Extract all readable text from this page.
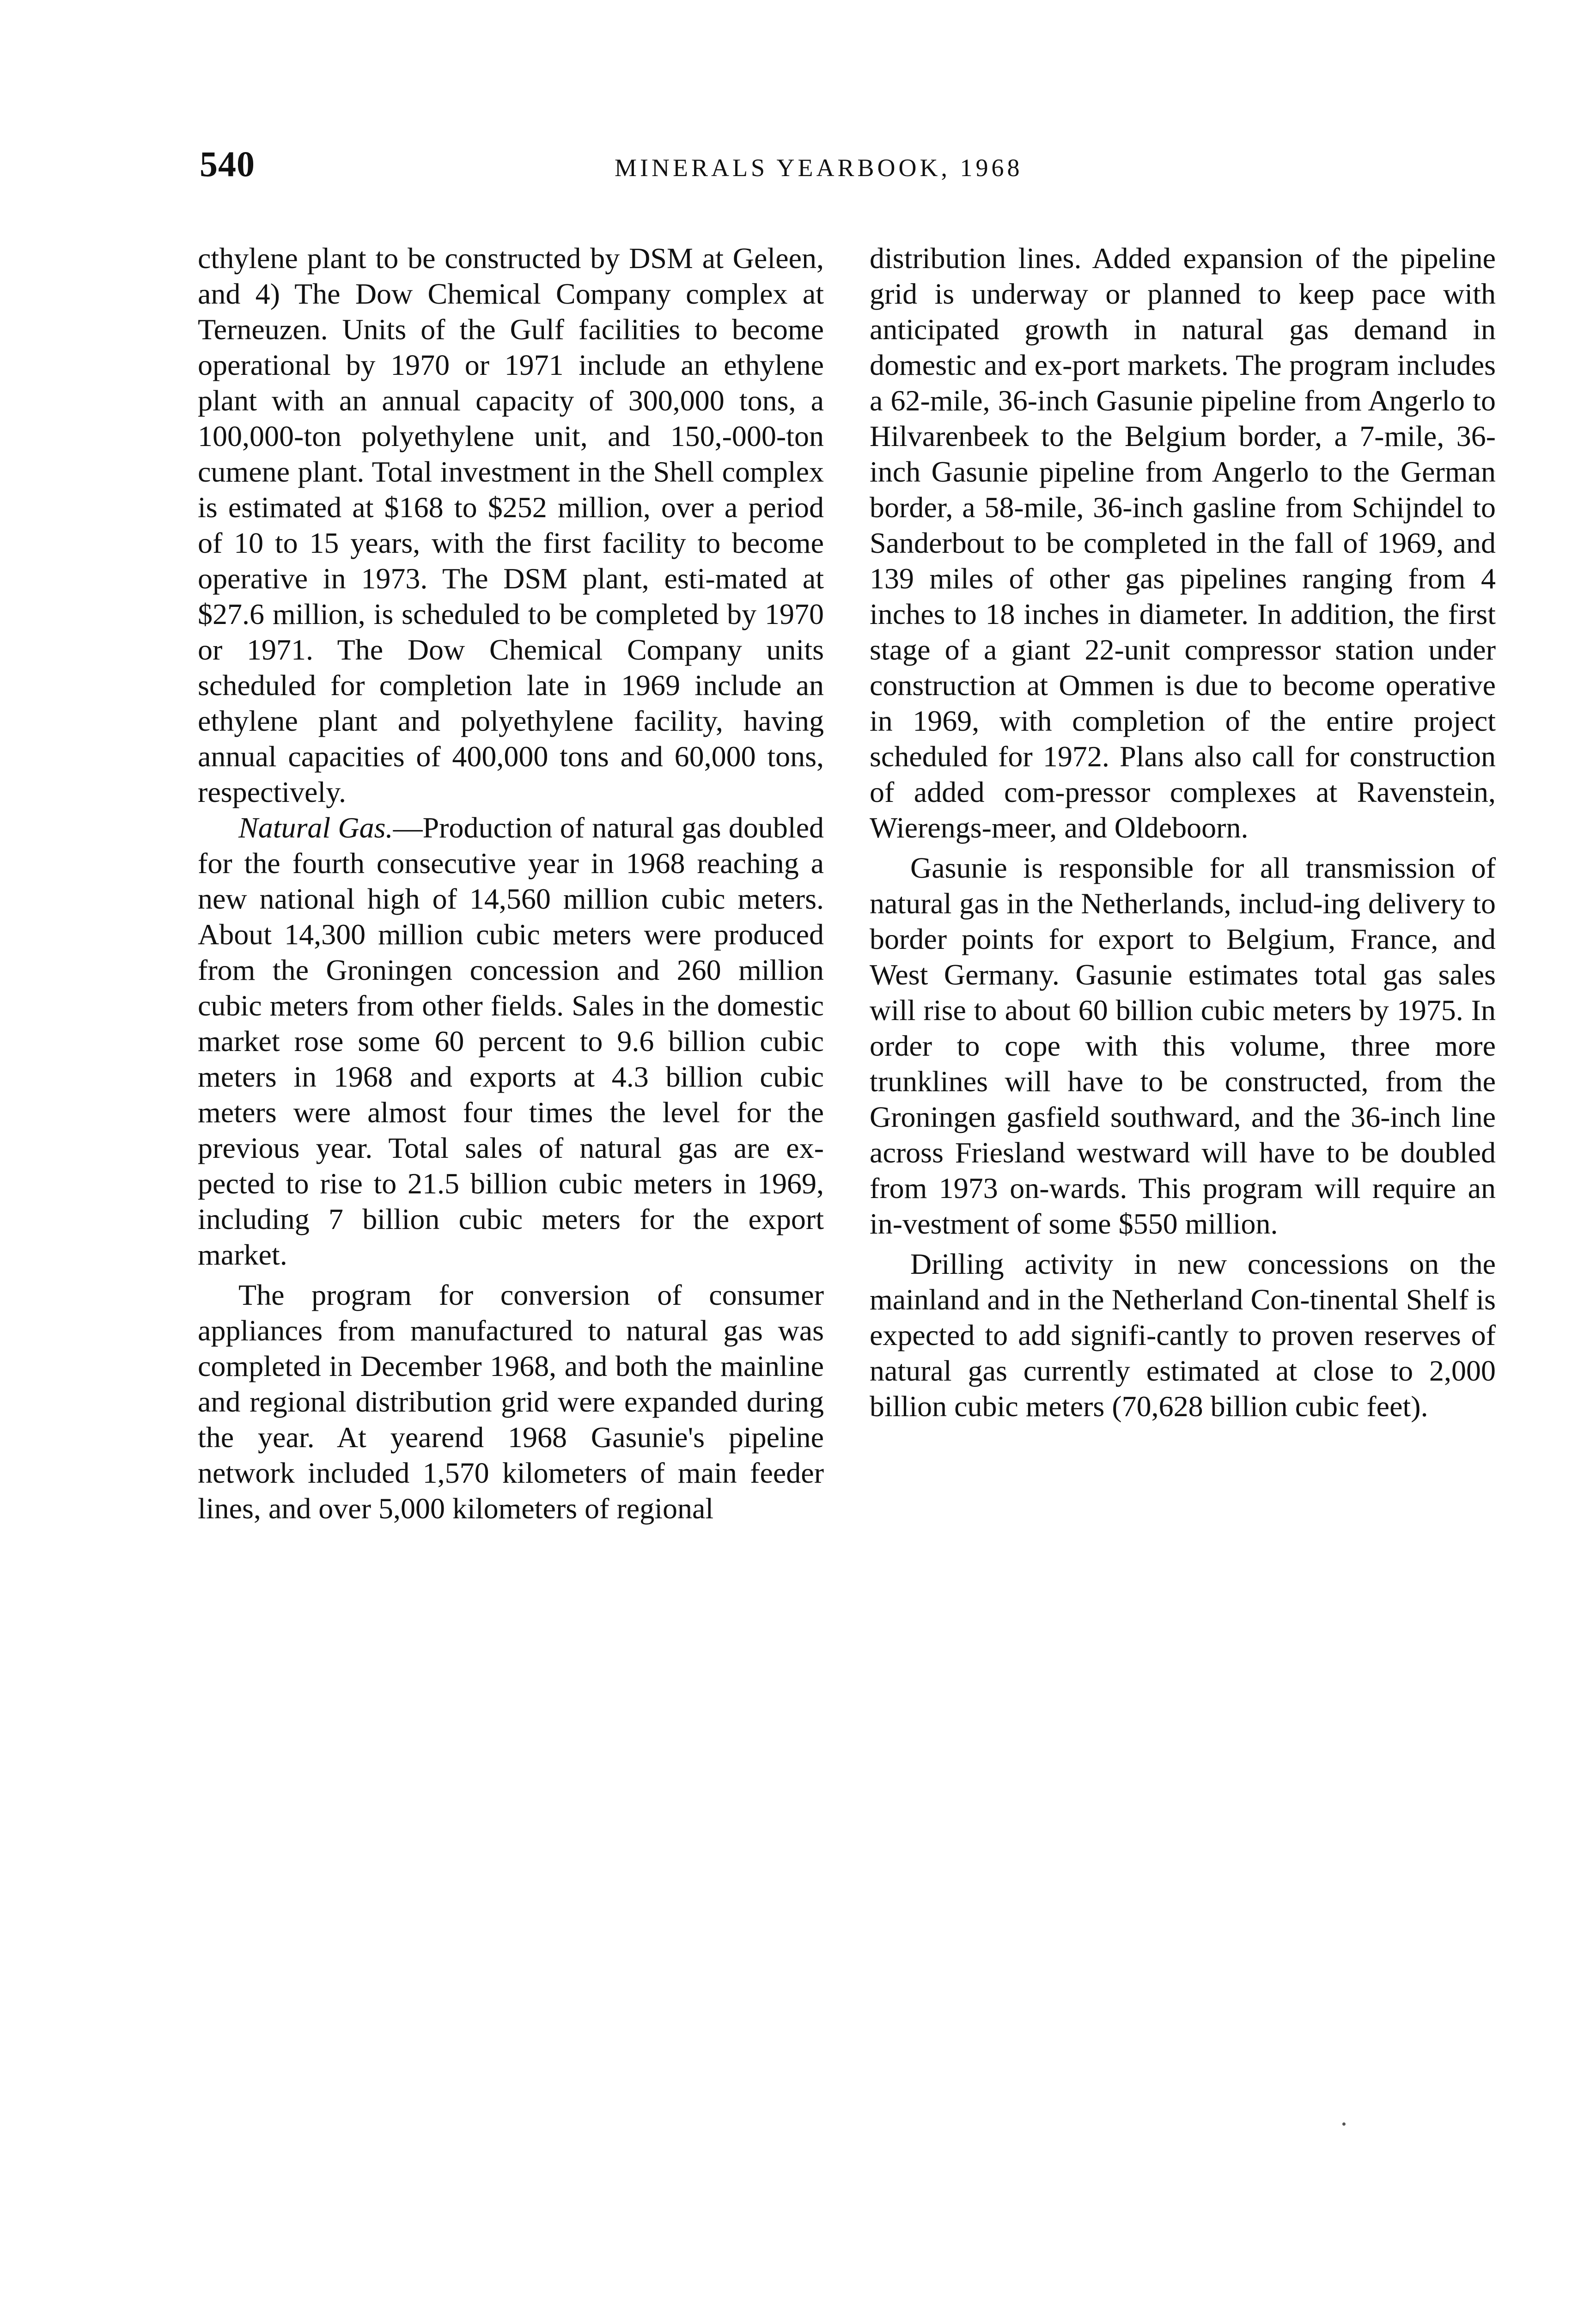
540	MINERALS YEARBOOK, 1968

cthylene plant to be constructed by DSM at Geleen, and 4) The Dow Chemical Company complex at Terneuzen. Units of the Gulf facilities to become operational by 1970 or 1971 include an ethylene plant with an annual capacity of 300,000 tons, a 100,000-ton polyethylene unit, and 150,-000-ton cumene plant. Total investment in the Shell complex is estimated at $168 to $252 million, over a period of 10 to 15 years, with the first facility to become operative in 1973. The DSM plant, esti-mated at $27.6 million, is scheduled to be completed by 1970 or 1971. The Dow Chemical Company units scheduled for completion late in 1969 include an ethylene plant and polyethylene facility, having annual capacities of 400,000 tons and 60,000 tons, respectively.

Natural Gas.—Production of natural gas doubled for the fourth consecutive year in 1968 reaching a new national high of 14,560 million cubic meters. About 14,300 million cubic meters were produced from the Groningen concession and 260 million cubic meters from other fields. Sales in the domestic market rose some 60 percent to 9.6 billion cubic meters in 1968 and exports at 4.3 billion cubic meters were almost four times the level for the previous year. Total sales of natural gas are ex-pected to rise to 21.5 billion cubic meters in 1969, including 7 billion cubic meters for the export market.

The program for conversion of consumer appliances from manufactured to natural gas was completed in December 1968, and both the mainline and regional distribution grid were expanded during the year. At yearend 1968 Gasunie's pipeline network included 1,570 kilometers of main feeder lines, and over 5,000 kilometers of regional

distribution lines. Added expansion of the pipeline grid is underway or planned to keep pace with anticipated growth in natural gas demand in domestic and ex-port markets. The program includes a 62-mile, 36-inch Gasunie pipeline from Angerlo to Hilvarenbeek to the Belgium border, a 7-mile, 36-inch Gasunie pipeline from Angerlo to the German border, a 58-mile, 36-inch gasline from Schijndel to Sanderbout to be completed in the fall of 1969, and 139 miles of other gas pipelines ranging from 4 inches to 18 inches in diameter. In addition, the first stage of a giant 22-unit compressor station under construction at Ommen is due to become operative in 1969, with completion of the entire project scheduled for 1972. Plans also call for construction of added com-pressor complexes at Ravenstein, Wierengs-meer, and Oldeboorn.

Gasunie is responsible for all transmission of natural gas in the Netherlands, includ-ing delivery to border points for export to Belgium, France, and West Germany. Gasunie estimates total gas sales will rise to about 60 billion cubic meters by 1975. In order to cope with this volume, three more trunklines will have to be constructed, from the Groningen gasfield southward, and the 36-inch line across Friesland westward will have to be doubled from 1973 on-wards. This program will require an in-vestment of some $550 million.

Drilling activity in new concessions on the mainland and in the Netherland Con-tinental Shelf is expected to add signifi-cantly to proven reserves of natural gas currently estimated at close to 2,000 billion cubic meters (70,628 billion cubic feet).
